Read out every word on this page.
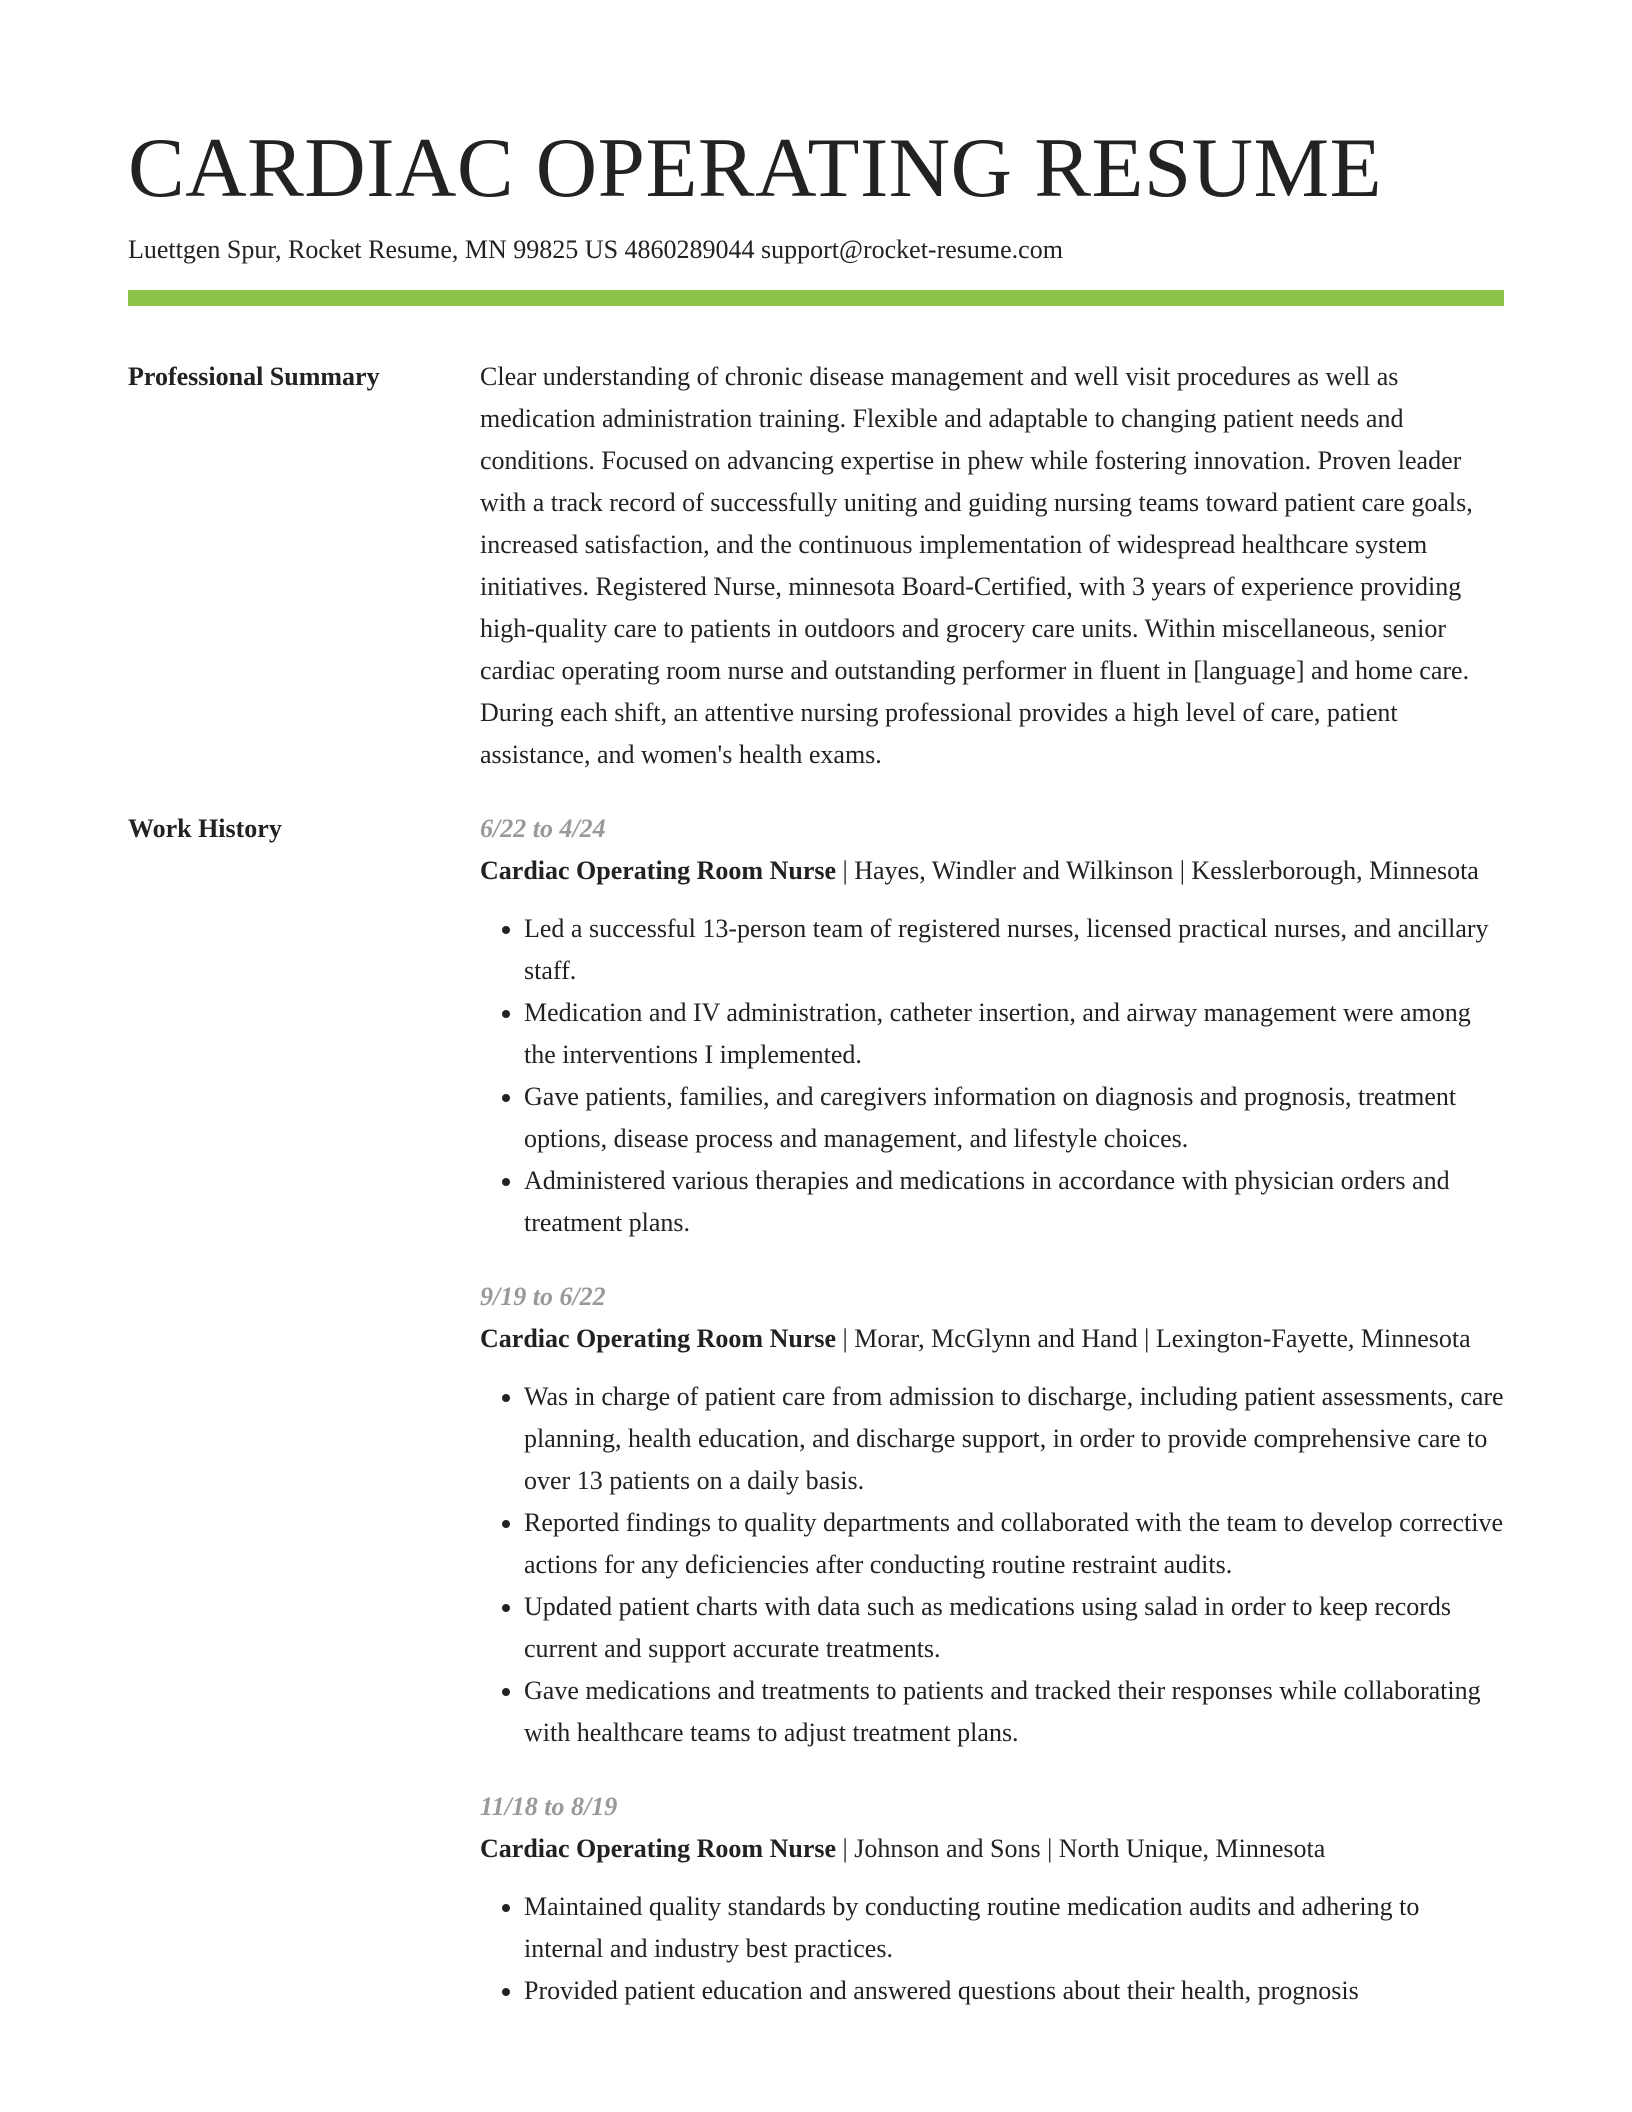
CARDIAC OPERATING RESUME
Luettgen Spur, Rocket Resume, MN 99825 US 4860289044 support@rocket-resume.com
Professional Summary	Clear understanding of chronic disease management and well visit procedures as well as medication administration training. Flexible and adaptable to changing patient needs and conditions. Focused on advancing expertise in phew while fostering innovation. Proven leader with a track record of successfully uniting and guiding nursing teams toward patient care goals, increased satisfaction, and the continuous implementation of widespread healthcare system initiatives. Registered Nurse, minnesota Board-Certified, with 3 years of experience providing high-quality care to patients in outdoors and grocery care units. Within miscellaneous, senior cardiac operating room nurse and outstanding performer in fluent in [language] and home care. During each shift, an attentive nursing professional provides a high level of care, patient assistance, and women's health exams.
Work History	6/22 to 4/24
Cardiac Operating Room Nurse | Hayes, Windler and Wilkinson | Kesslerborough, Minnesota
• Led a successful 13-person team of registered nurses, licensed practical nurses, and ancillary staff.
• Medication and IV administration, catheter insertion, and airway management were among the interventions I implemented.
• Gave patients, families, and caregivers information on diagnosis and prognosis, treatment options, disease process and management, and lifestyle choices.
• Administered various therapies and medications in accordance with physician orders and treatment plans.
9/19 to 6/22
Cardiac Operating Room Nurse | Morar, McGlynn and Hand | Lexington-Fayette, Minnesota
• Was in charge of patient care from admission to discharge, including patient assessments, care planning, health education, and discharge support, in order to provide comprehensive care to over 13 patients on a daily basis.
• Reported findings to quality departments and collaborated with the team to develop corrective actions for any deficiencies after conducting routine restraint audits.
• Updated patient charts with data such as medications using salad in order to keep records current and support accurate treatments.
• Gave medications and treatments to patients and tracked their responses while collaborating with healthcare teams to adjust treatment plans.
11/18 to 8/19
Cardiac Operating Room Nurse | Johnson and Sons | North Unique, Minnesota
• Maintained quality standards by conducting routine medication audits and adhering to internal and industry best practices.
• Provided patient education and answered questions about their health, prognosis
